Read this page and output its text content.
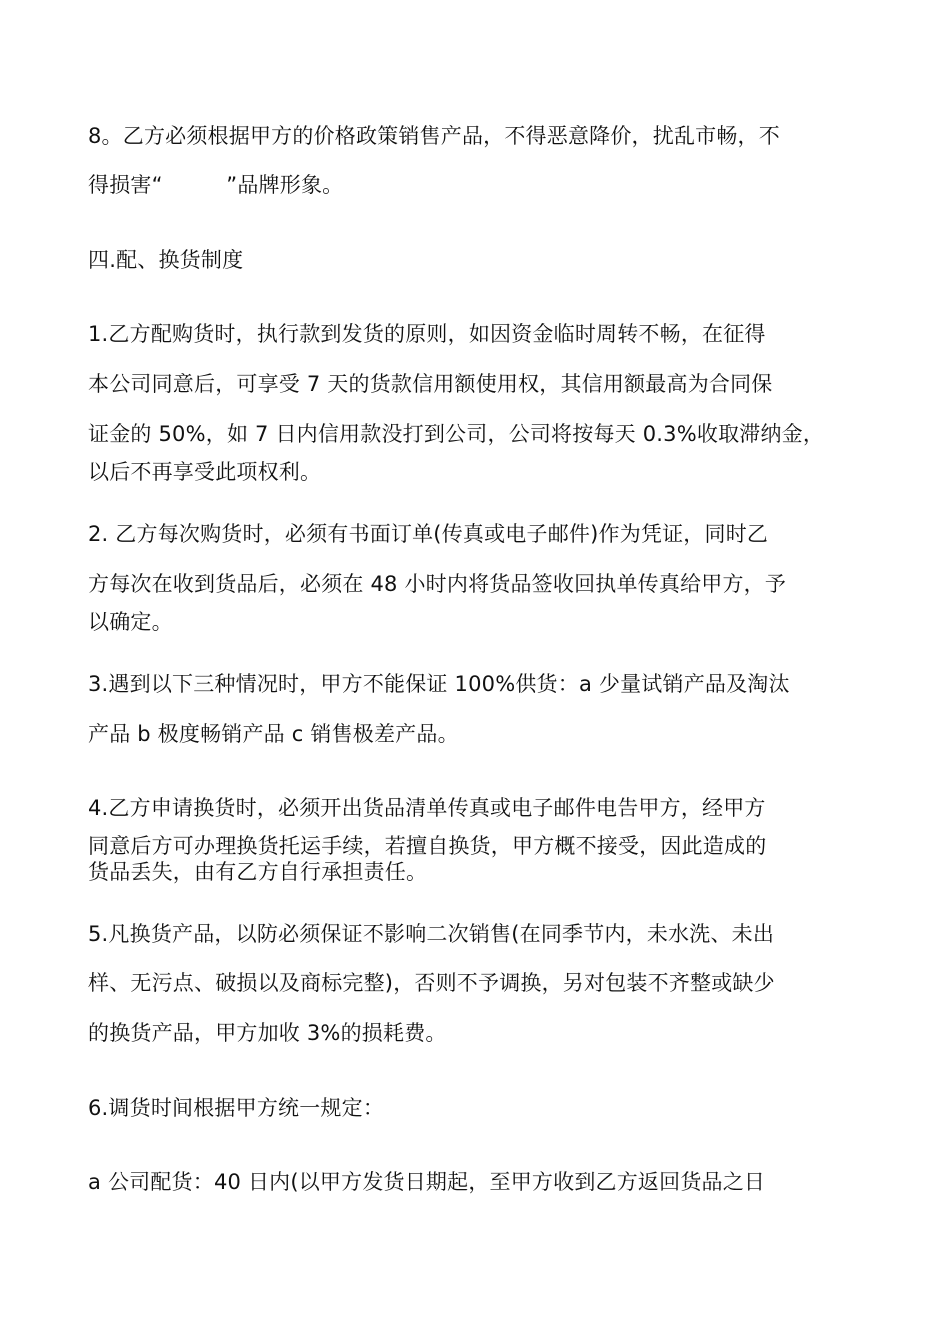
8。乙方必须根据甲方的价格政策销售产品，不得恶意降价，扰乱市畅，不
得损害“　　　”品牌形象。
四.配、换货制度
1.乙方配购货时，执行款到发货的原则，如因资金临时周转不畅，在征得
本公司同意后，可享受 7 天的货款信用额使用权，其信用额最高为合同保
证金的 50%，如 7 日内信用款没打到公司，公司将按每天 0.3%收取滞纳金，
以后不再享受此项权利。
2. 乙方每次购货时，必须有书面订单(传真或电子邮件)作为凭证，同时乙
方每次在收到货品后，必须在 48 小时内将货品签收回执单传真给甲方，予
以确定。
3.遇到以下三种情况时，甲方不能保证 100%供货：a 少量试销产品及淘汰
产品 b 极度畅销产品 c 销售极差产品。
4.乙方申请换货时，必须开出货品清单传真或电子邮件电告甲方，经甲方
同意后方可办理换货托运手续，若擅自换货，甲方概不接受，因此造成的
货品丢失，由有乙方自行承担责任。
5.凡换货产品，以防必须保证不影响二次销售(在同季节内，未水洗、未出
样、无污点、破损以及商标完整)，否则不予调换，另对包装不齐整或缺少
的换货产品，甲方加收 3%的损耗费。
6.调货时间根据甲方统一规定：
a 公司配货：40 日内(以甲方发货日期起，至甲方收到乙方返回货品之日
